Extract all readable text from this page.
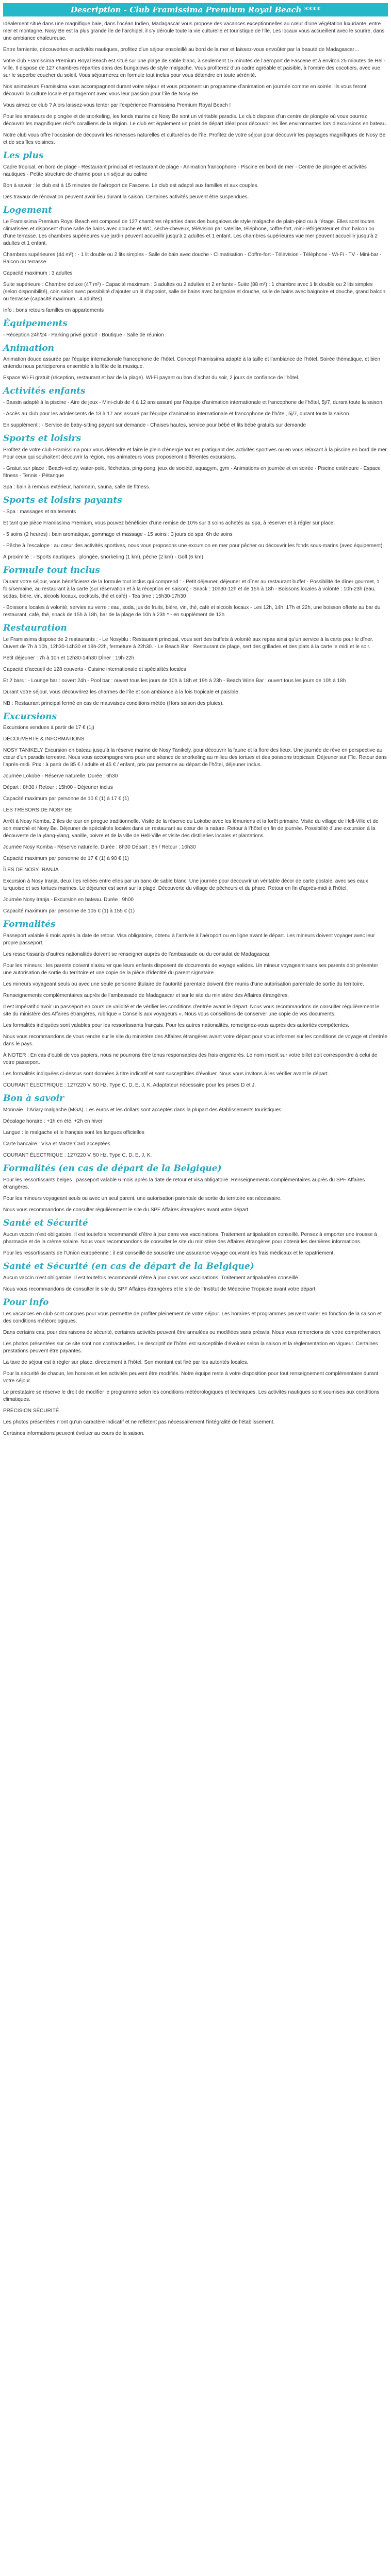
Description - Club Framissima Premium Royal Beach ****

Idéalement situé dans une magnifique baie, dans l’océan Indien, Madagascar vous propose des vacances exceptionnelles au cœur d’une végétation luxuriante, entre mer et montagne. Nosy Be est la plus grande île de l’archipel, il s’y déroule toute la vie culturelle et touristique de l’île. Les locaux vous accueillent avec le sourire, dans une ambiance chaleureuse.

Entre farniente, découvertes et activités nautiques, profitez d’un séjour ensoleillé au bord de la mer et laissez-vous envoûter par la beauté de Madagascar…

Votre club Framissima Premium Royal Beach est situé sur une plage de sable blanc, à seulement 15 minutes de l’aéroport de Fascene et à environ 25 minutes de Hell-Ville. Il dispose de 127 chambres réparties dans des bungalows de style malgache. Vous profiterez d’un cadre agréable et paisible, à l’ombre des cocotiers, avec vue sur le superbe coucher du soleil. Vous séjournerez en formule tout inclus pour vous détendre en toute sérénité.

Nos animateurs Framissima vous accompagnent durant votre séjour et vous proposent un programme d’animation en journée comme en soirée. Ils vous feront découvrir la culture locale et partageront avec vous leur passion pour l’île de Nosy Be.

Vous aimez ce club ? Alors laissez-vous tenter par l’expérience Framissima Premium Royal Beach !

Pour les amateurs de plongée et de snorkeling, les fonds marins de Nosy Be sont un véritable paradis. Le club dispose d’un centre de plongée où vous pourrez découvrir les magnifiques récifs coralliens de la région. Le club est également un point de départ idéal pour découvrir les îles environnantes lors d’excursions en bateau.

Notre club vous offre l’occasion de découvrir les richesses naturelles et culturelles de l’île. Profitez de votre séjour pour découvrir les paysages magnifiques de Nosy Be et de ses îles voisines.

Les plus

Cadre tropical, en bord de plage - Restaurant principal et restaurant de plage - Animation francophone - Piscine en bord de mer - Centre de plongée et activités nautiques - Petite structure de charme pour un séjour au calme

Bon à savoir : le club est à 15 minutes de l’aéroport de Fascene. Le club est adapté aux familles et aux couples.

Des travaux de rénovation peuvent avoir lieu durant la saison. Certaines activités peuvent être suspendues.

Logement

Le Framissima Premium Royal Beach est composé de 127 chambres réparties dans des bungalows de style malgache de plain-pied ou à l’étage. Elles sont toutes climatisées et disposent d’une salle de bains avec douche et WC, sèche-cheveux, télévision par satellite, téléphone, coffre-fort, mini-réfrigérateur et d’un balcon ou d’une terrasse. Les chambres supérieures vue jardin peuvent accueillir jusqu’à 2 adultes et 1 enfant. Les chambres supérieures vue mer peuvent accueillir jusqu’à 2 adultes et 1 enfant.

Chambres supérieures (44 m²) : - 1 lit double ou 2 lits simples - Salle de bain avec douche - Climatisation - Coffre-fort - Télévision - Téléphone - Wi-Fi - TV - Mini-bar - Balcon ou terrasse

Capacité maximum : 3 adultes

Suite supérieure : Chambre deluxe (47 m²) - Capacité maximum : 3 adultes ou 2 adultes et 2 enfants - Suite (88 m²) : 1 chambre avec 1 lit double ou 2 lits simples (selon disponibilité), coin salon avec possibilité d’ajouter un lit d’appoint, salle de bains avec baignoire et douche, salle de bains avec baignoire et douche, grand balcon ou terrasse (capacité maximum : 4 adultes).

Info : bons retours familles en appartements

Équipements

- Réception 24h/24 - Parking privé gratuit - Boutique - Salle de réunion

Animation

Animation douce assurée par l’équipe internationale francophone de l’hôtel. Concept Framissima adapté à la taille et l’ambiance de l’hôtel. Soirée thématique, et bien entendu nous participerons ensemble à la fête de la musique.

Espace Wi-Fi gratuit (réception, restaurant et bar de la plage). Wi-Fi payant ou bon d’achat du soir, 2 jours de confiance de l’hôtel.

Activités enfants

- Bassin adapté à la piscine - Aire de jeux - Mini-club de 4 à 12 ans assuré par l’équipe d’animation internationale et francophone de l’hôtel, 5j/7, durant toute la saison.

- Accès au club pour les adolescents de 13 à 17 ans assuré par l’équipe d’animation internationale et francophone de l’hôtel, 5j/7, durant toute la saison.

En supplément : - Service de baby-sitting payant sur demande - Chaises hautes, service pour bébé et lits bébé gratuits sur demande

Sports et loisirs

Profitez de votre club Framissima pour vous détendre et faire le plein d’énergie tout en pratiquant des activités sportives ou en vous relaxant à la piscine en bord de mer. Pour ceux qui souhaitent découvrir la région, nos animateurs vous proposeront différentes excursions.

- Gratuit sur place : Beach-volley, water-polo, fléchettes, ping-pong, jeux de société, aquagym, gym - Animations en journée et en soirée - Piscine extérieure - Espace fitness - Tennis - Pétanque

Spa : bain à remous extérieur, hammam, sauna, salle de fitness.

Sports et loisirs payants

- Spa : massages et traitements

Et tant que pièce Framissima Premium, vous pouvez bénéficier d’une remise de 10% sur 3 soins achetés au spa, à réserver et à régler sur place.

- 5 soins (2 heures) : bain aromatique, gommage et massage - 15 soins : 3 jours de spa, 6h de soins

- Pêche à l’escalope : au cœur des activités sportives, nous vous proposons une excursion en mer pour pêcher ou découvrir les fonds sous-marins (avec équipement).

À proximité : - Sports nautiques : plongée, snorkeling (1 km), pêche (2 km) - Golf (6 km)

Formule tout inclus

Durant votre séjour, vous bénéficierez de la formule tout inclus qui comprend : - Petit déjeuner, déjeuner et dîner au restaurant buffet - Possibilité de dîner gourmet, 1 fois/semaine, au restaurant à la carte (sur réservation et à la réception en saison) - Snack : 10h30-12h et de 15h à 18h - Boissons locales à volonté : 10h-23h (eau, sodas, bière, vin, alcools locaux, cocktails, thé et café) - Tea time : 15h30-17h30

- Boissons locales à volonté, servies au verre : eau, soda, jus de fruits, bière, vin, thé, café et alcools locaux - Les 12h, 14h, 17h et 22h, une boisson offerte au bar du restaurant, café, thé, snack de 15h à 18h, bar de la plage de 10h à 23h * - en supplément de 12h

Restauration

Le Framissima dispose de 2 restaurants : - Le Nosyblu : Restaurant principal, vous sert des buffets à volonté aux repas ainsi qu’un service à la carte pour le dîner. Ouvert de 7h à 10h, 12h30-14h30 et 19h-22h, fermeture à 22h30. - Le Beach Bar : Restaurant de plage, sert des grillades et des plats à la carte le midi et le soir.

Petit déjeuner : 7h à 10h et 12h30-14h30 Dîner : 19h-22h

Capacité d’accueil de 128 couverts - Cuisine internationale et spécialités locales

Et 2 bars : - Lounge bar : ouvert 24h - Pool bar : ouvert tous les jours de 10h à 18h et 19h à 23h - Beach Wine Bar : ouvert tous les jours de 10h à 18h

Durant votre séjour, vous découvrirez les charmes de l’île et son ambiance à la fois tropicale et paisible.

NB : Restaurant principal fermé en cas de mauvaises conditions météo (Hors saison des pluies).

Excursions

Excursions vendues à partir de 17 € (1j)

DÉCOUVERTE & INFORMATIONS

NOSY TANIKELY Excursion en bateau jusqu’à la réserve marine de Nosy Tanikely, pour découvrir la faune et la flore des lieux. Une journée de rêve en perspective au cœur d’un paradis terrestre. Nous vous accompagnerons pour une séance de snorkeling au milieu des tortues et des poissons tropicaux. Déjeuner sur l’île. Retour dans l’après-midi. Prix : à partir de 85 € / adulte et 45 € / enfant, prix par personne au départ de l’hôtel, déjeuner inclus.

Journée Lokobe - Réserve naturelle. Durée : 6h30

Départ : 8h30 / Retour : 15h00 - Déjeuner inclus

Capacité maximum par personne de 10 € (1) à 17 € (1)

LES TRÉSORS DE NOSY BE

Arrêt à Nosy Komba, 2 îles de tour en pirogue traditionnelle. Visite de la réserve du Lokobe avec les lémuriens et la forêt primaire. Visite du village de Hell-Ville et de son marché et Nosy Be. Déjeuner de spécialités locales dans un restaurant au cœur de la nature. Retour à l’hôtel en fin de journée. Possibilité d’une excursion à la découverte de la ylang-ylang, vanille, poivre et de la ville de Hell-Ville et visite des distilleries locales et plantations.

Journée Nosy Komba - Réserve naturelle. Durée : 8h30 Départ : 8h / Retour : 16h30

Capacité maximum par personne de 17 € (1) à 90 € (1)

ÎLES DE NOSY IRANJA

Excursion à Nosy Iranja, deux îles reliées entre elles par un banc de sable blanc. Une journée pour découvrir un véritable décor de carte postale, avec ses eaux turquoise et ses tortues marines. Le déjeuner est servi sur la plage. Découverte du village de pêcheurs et du phare. Retour en fin d’après-midi à l’hôtel.

Journée Nosy Iranja - Excursion en bateau. Durée : 9h00

Capacité maximum par personne de 105 € (1) à 155 € (1)

Formalités

Passeport valable 6 mois après la date de retour. Visa obligatoire, obtenu à l’arrivée à l’aéroport ou en ligne avant le départ. Les mineurs doivent voyager avec leur propre passeport.

Les ressortissants d’autres nationalités doivent se renseigner auprès de l’ambassade ou du consulat de Madagascar.

Pour les mineurs : les parents doivent s’assurer que leurs enfants disposent de documents de voyage valides. Un mineur voyageant sans ses parents doit présenter une autorisation de sortie du territoire et une copie de la pièce d’identité du parent signataire.

Les mineurs voyageant seuls ou avec une seule personne titulaire de l’autorité parentale doivent être munis d’une autorisation parentale de sortie du territoire.

Renseignements complémentaires auprès de l’ambassade de Madagascar et sur le site du ministère des Affaires étrangères.

Il est impératif d’avoir un passeport en cours de validité et de vérifier les conditions d’entrée avant le départ. Nous vous recommandons de consulter régulièrement le site du ministère des Affaires étrangères, rubrique « Conseils aux voyageurs ». Nous vous conseillons de conserver une copie de vos documents.

Les formalités indiquées sont valables pour les ressortissants français. Pour les autres nationalités, renseignez-vous auprès des autorités compétentes.

Nous vous recommandons de vous rendre sur le site du ministère des Affaires étrangères avant votre départ pour vous informer sur les conditions de voyage et d’entrée dans le pays.

À NOTER : En cas d’oubli de vos papiers, nous ne pourrons être tenus responsables des frais engendrés. Le nom inscrit sur votre billet doit correspondre à celui de votre passeport.

Les formalités indiquées ci-dessus sont données à titre indicatif et sont susceptibles d’évoluer. Nous vous invitons à les vérifier avant le départ.

COURANT ÉLECTRIQUE : 127/220 V, 50 Hz. Type C, D, E, J, K. Adaptateur nécessaire pour les prises D et J.

Bon à savoir

Monnaie : l’Ariary malgache (MGA). Les euros et les dollars sont acceptés dans la plupart des établissements touristiques.

Décalage horaire : +1h en été, +2h en hiver

Langue : le malgache et le français sont les langues officielles

Carte bancaire : Visa et MasterCard acceptées

COURANT ÉLECTRIQUE : 127/220 V, 50 Hz. Type C, D, E, J, K.

Formalités (en cas de départ de la Belgique)

Pour les ressortissants belges : passeport valable 6 mois après la date de retour et visa obligatoire. Renseignements complémentaires auprès du SPF Affaires étrangères.

Pour les mineurs voyageant seuls ou avec un seul parent, une autorisation parentale de sortie du territoire est nécessaire.

Nous vous recommandons de consulter régulièrement le site du SPF Affaires étrangères avant votre départ.

Santé et Sécurité

Aucun vaccin n’est obligatoire. Il est toutefois recommandé d’être à jour dans vos vaccinations. Traitement antipaludéen conseillé. Pensez à emporter une trousse à pharmacie et de la crème solaire. Nous vous recommandons de consulter le site du ministère des Affaires étrangères pour obtenir les dernières informations.

Pour les ressortissants de l’Union européenne : il est conseillé de souscrire une assurance voyage couvrant les frais médicaux et le rapatriement.

Santé et Sécurité (en cas de départ de la Belgique)

Aucun vaccin n’est obligatoire. Il est toutefois recommandé d’être à jour dans vos vaccinations. Traitement antipaludéen conseillé.

Nous vous recommandons de consulter le site du SPF Affaires étrangères et le site de l’Institut de Médecine Tropicale avant votre départ.

Pour info

Les vacances en club sont conçues pour vous permettre de profiter pleinement de votre séjour. Les horaires et programmes peuvent varier en fonction de la saison et des conditions météorologiques.

Dans certains cas, pour des raisons de sécurité, certaines activités peuvent être annulées ou modifiées sans préavis. Nous vous remercions de votre compréhension.

Les photos présentées sur ce site sont non contractuelles. Le descriptif de l’hôtel est susceptible d’évoluer selon la saison et la réglementation en vigueur. Certaines prestations peuvent être payantes.

La taxe de séjour est à régler sur place, directement à l’hôtel. Son montant est fixé par les autorités locales.

Pour la sécurité de chacun, les horaires et les activités peuvent être modifiés. Notre équipe reste à votre disposition pour tout renseignement complémentaire durant votre séjour.

Le prestataire se réserve le droit de modifier le programme selon les conditions météorologiques et techniques. Les activités nautiques sont soumises aux conditions climatiques.

PRÉCISION SÉCURITÉ

Les photos présentées n’ont qu’un caractère indicatif et ne reflètent pas nécessairement l’intégralité de l’établissement.

Certaines informations peuvent évoluer au cours de la saison.
